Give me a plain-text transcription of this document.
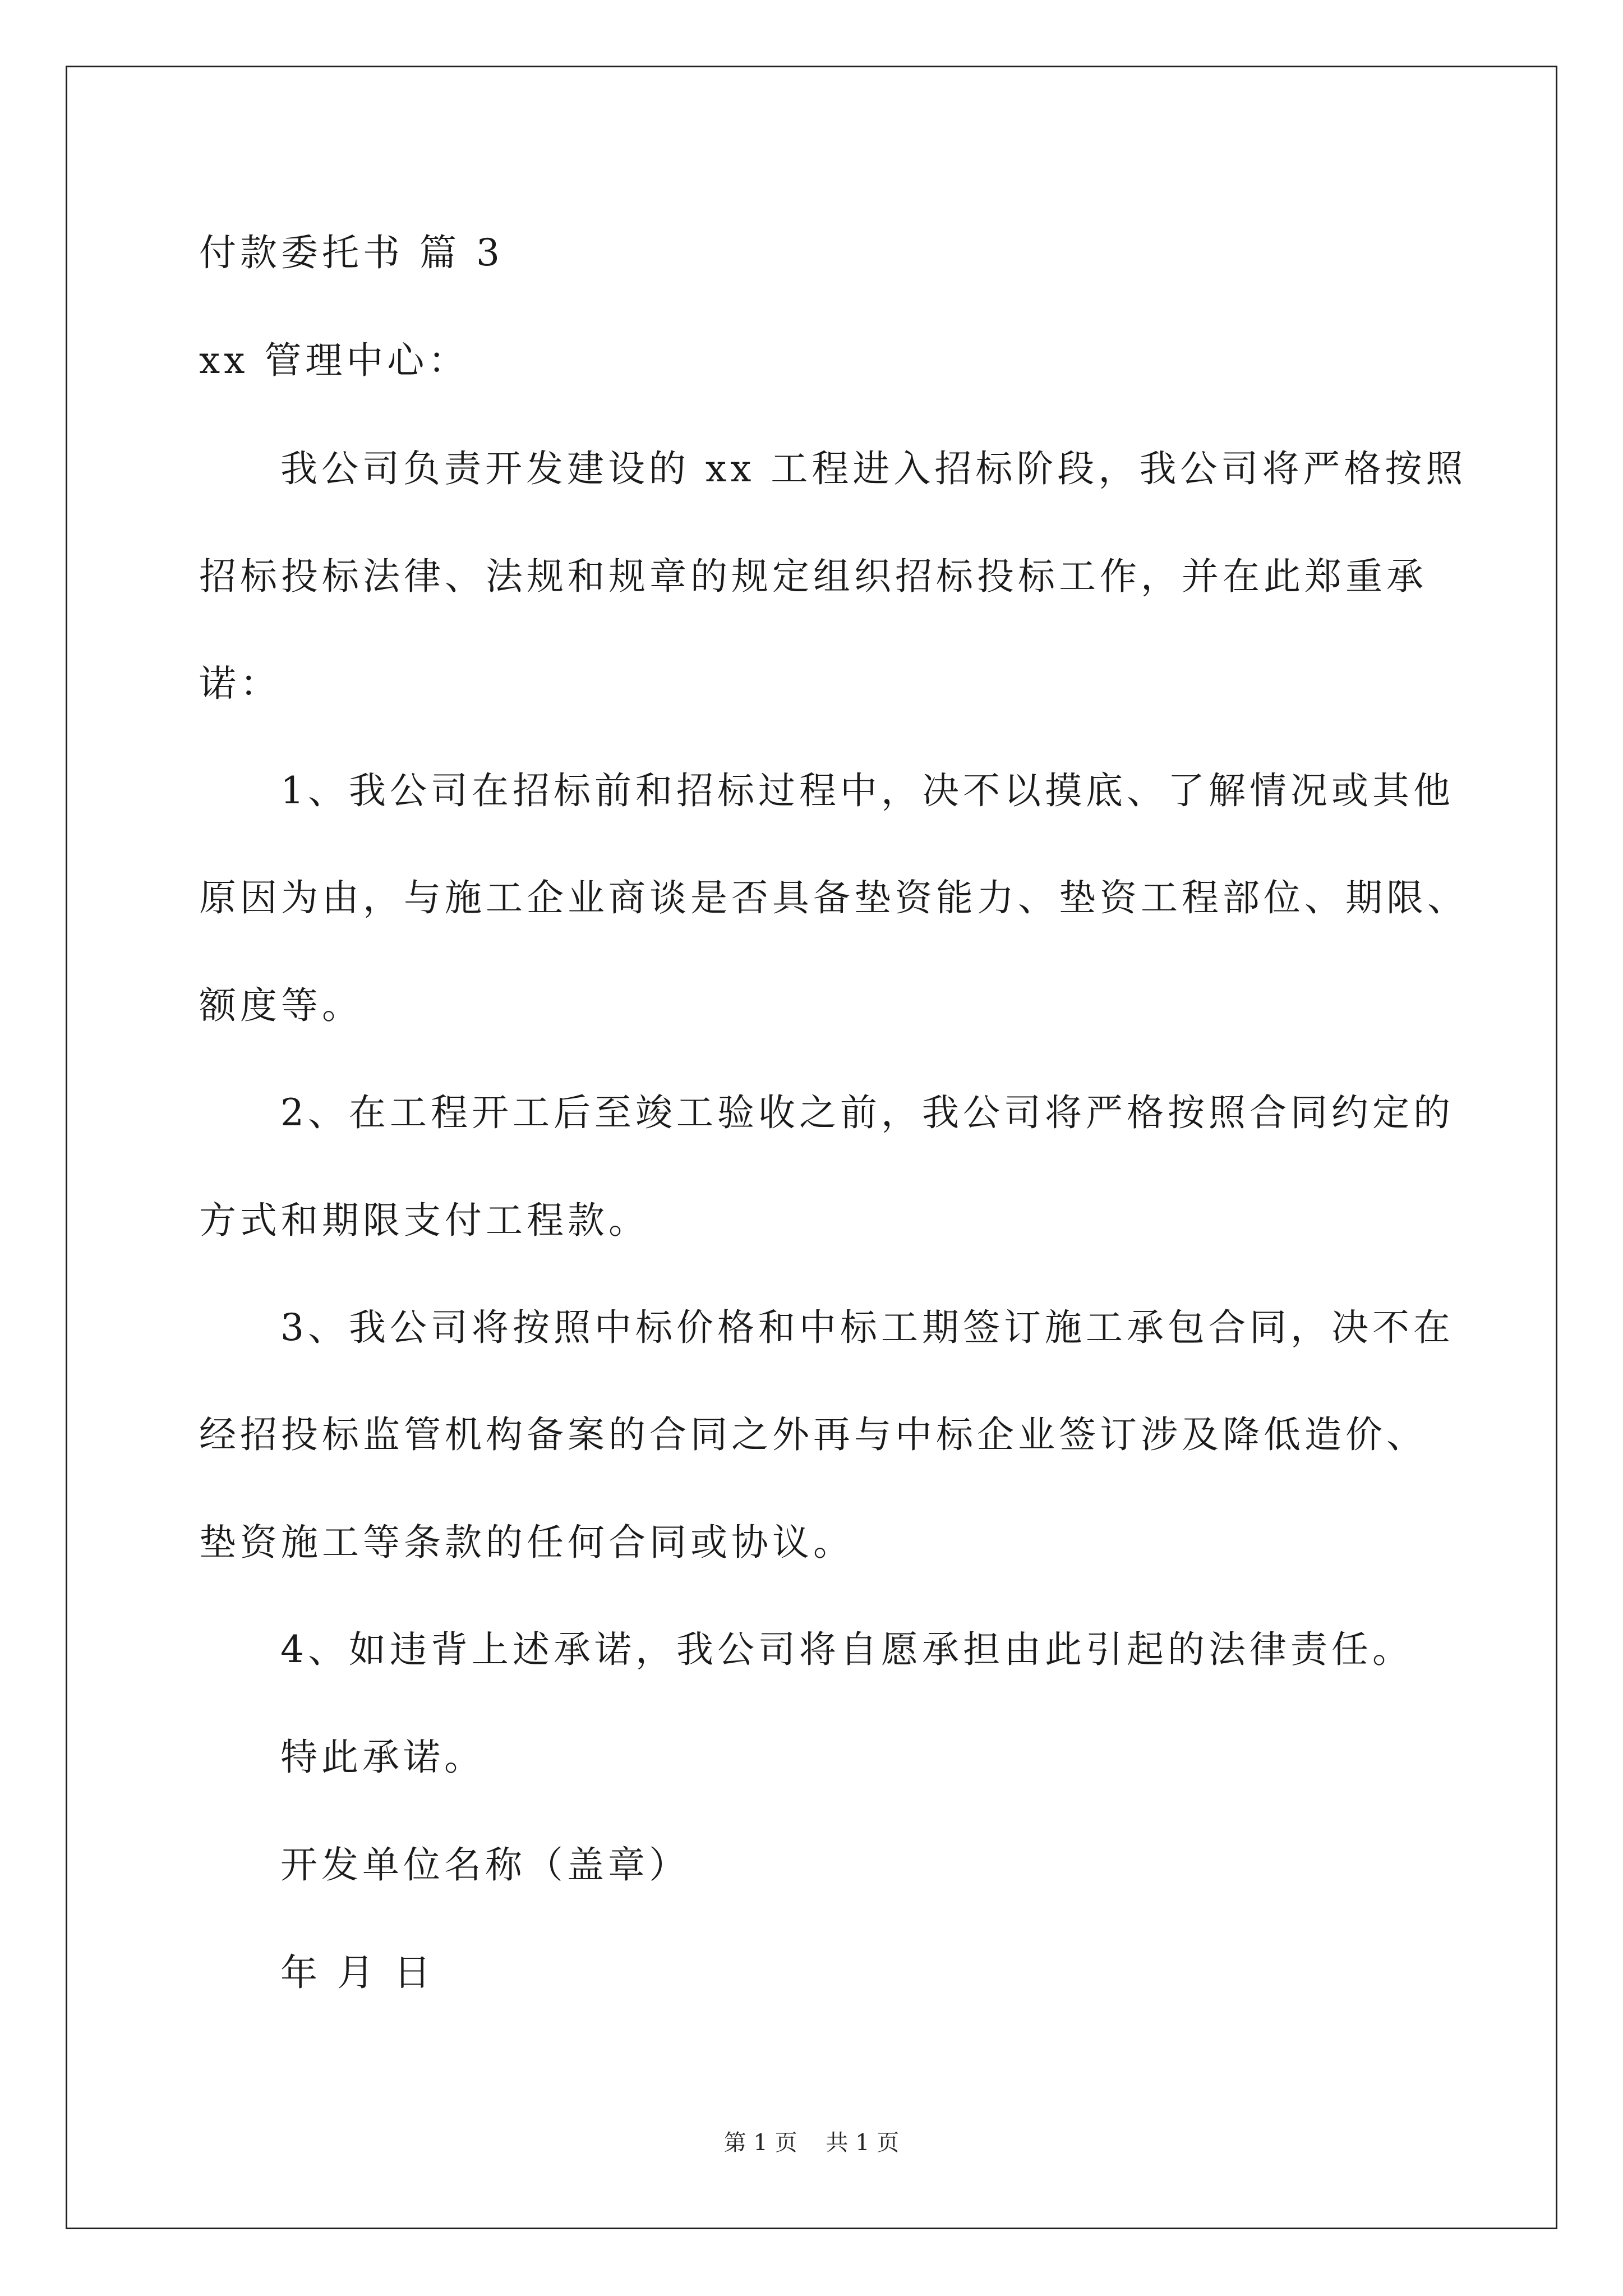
付款委托书 篇 3
xx 管理中心：
我公司负责开发建设的 xx 工程进入招标阶段，我公司将严格按照
招标投标法律、法规和规章的规定组织招标投标工作，并在此郑重承
诺：
1、我公司在招标前和招标过程中，决不以摸底、了解情况或其他
原因为由，与施工企业商谈是否具备垫资能力、垫资工程部位、期限、
额度等。
2、在工程开工后至竣工验收之前，我公司将严格按照合同约定的
方式和期限支付工程款。
3、我公司将按照中标价格和中标工期签订施工承包合同，决不在
经招投标监管机构备案的合同之外再与中标企业签订涉及降低造价、
垫资施工等条款的任何合同或协议。
4、如违背上述承诺，我公司将自愿承担由此引起的法律责任。
特此承诺。
开发单位名称（盖章）
年 月 日
第 1 页    共 1 页
